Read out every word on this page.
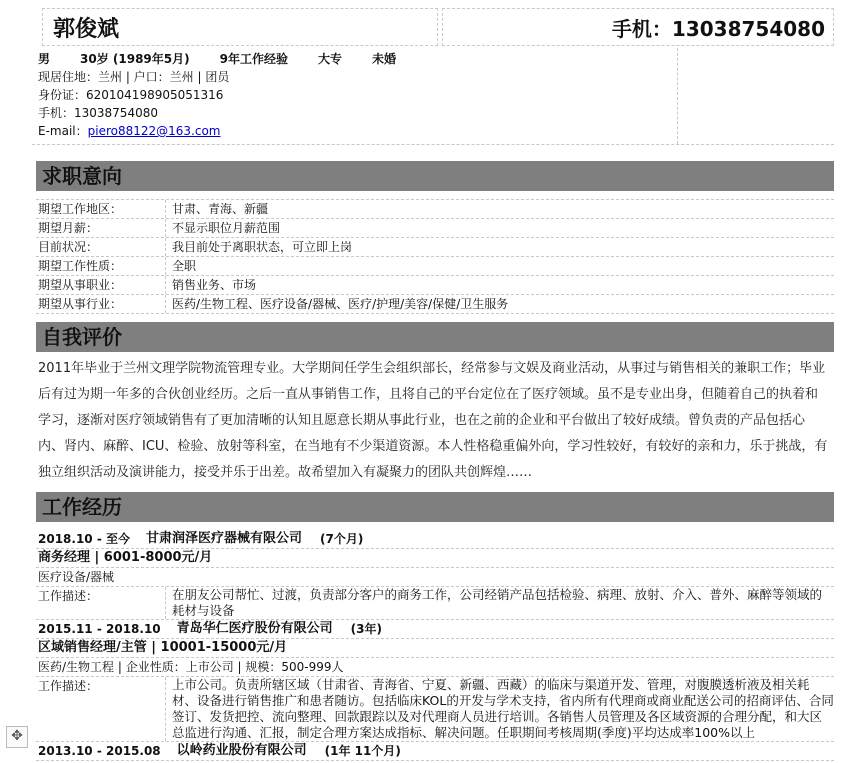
郭俊斌	手机：13038754080
男	30岁 (1989年5月)	9年工作经验	大专	未婚
现居住地：兰州 | 户口：兰州 | 团员
身份证：620104198905051316
手机：13038754080
E-mail：piero88122@163.com
求职意向
期望工作地区：	甘肃、青海、新疆
期望月薪：	不显示职位月薪范围
目前状况：	我目前处于离职状态，可立即上岗
期望工作性质：	全职
期望从事职业：	销售业务、市场
期望从事行业：	医药/生物工程、医疗设备/器械、医疗/护理/美容/保健/卫生服务
自我评价
2011年毕业于兰州文理学院物流管理专业。大学期间任学生会组织部长，经常参与文娱及商业活动，从事过与销售相关的兼职工作；毕业后有过为期一年多的合伙创业经历。之后一直从事销售工作，且将自己的平台定位在了医疗领域。虽不是专业出身，但随着自己的执着和学习，逐渐对医疗领域销售有了更加清晰的认知且愿意长期从事此行业，也在之前的企业和平台做出了较好成绩。曾负责的产品包括心内、肾内、麻醉、ICU、检验、放射等科室，在当地有不少渠道资源。本人性格稳重偏外向，学习性较好，有较好的亲和力，乐于挑战，有独立组织活动及演讲能力，接受并乐于出差。故希望加入有凝聚力的团队共创辉煌……
工作经历
2018.10 - 至今 甘肃润泽医疗器械有限公司 (7个月)
商务经理 | 6001-8000元/月
医疗设备/器械
工作描述：	在朋友公司帮忙、过渡，负责部分客户的商务工作，公司经销产品包括检验、病理、放射、介入、普外、麻醉等领域的耗材与设备
2015.11 - 2018.10 青岛华仁医疗股份有限公司 (3年)
区域销售经理/主管 | 10001-15000元/月
医药/生物工程 | 企业性质：上市公司 | 规模：500-999人
工作描述：	上市公司。负责所辖区域（甘肃省、青海省、宁夏、新疆、西藏）的临床与渠道开发、管理，对腹膜透析液及相关耗材、设备进行销售推广和患者随访。包括临床KOL的开发与学术支持，省内所有代理商或商业配送公司的招商评估、合同签订、发货把控、流向整理、回款跟踪以及对代理商人员进行培训。各销售人员管理及各区域资源的合理分配，和大区总监进行沟通、汇报，制定合理方案达成指标、解决问题。任职期间考核周期(季度)平均达成率100%以上
2013.10 - 2015.08 以岭药业股份有限公司 (1年 11个月)
✥
